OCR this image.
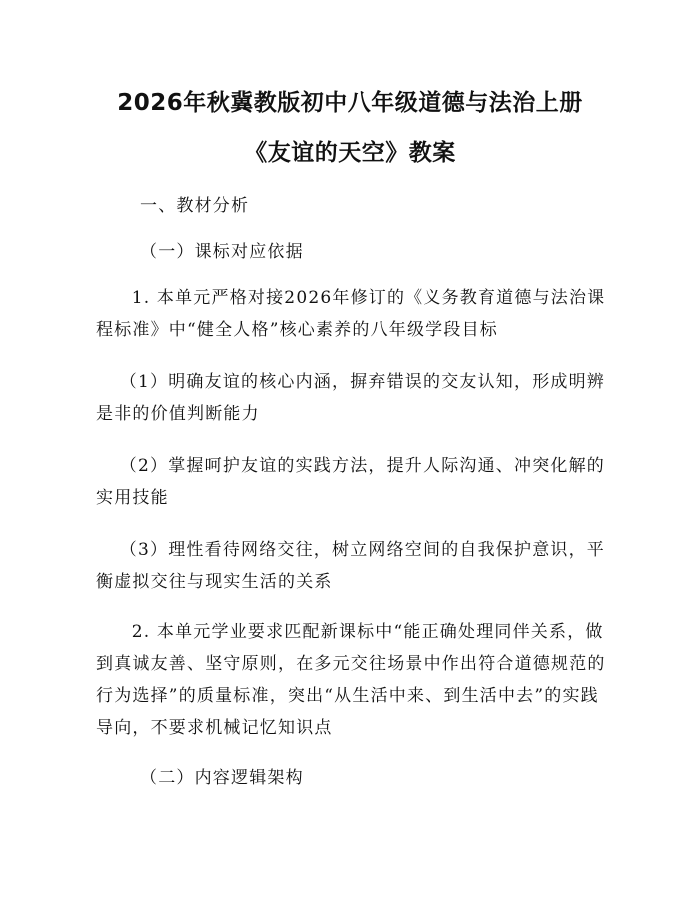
2026年秋冀教版初中八年级道德与法治上册
《友谊的天空》教案

一、教材分析

（一）课标对应依据

1. 本单元严格对接2026年修订的《义务教育道德与法治课程标准》中“健全人格”核心素养的八年级学段目标

（1）明确友谊的核心内涵，摒弃错误的交友认知，形成明辨是非的价值判断能力

（2）掌握呵护友谊的实践方法，提升人际沟通、冲突化解的实用技能

（3）理性看待网络交往，树立网络空间的自我保护意识，平衡虚拟交往与现实生活的关系

2. 本单元学业要求匹配新课标中“能正确处理同伴关系，做到真诚友善、坚守原则，在多元交往场景中作出符合道德规范的行为选择”的质量标准，突出“从生活中来、到生活中去”的实践导向，不要求机械记忆知识点

（二）内容逻辑架构
